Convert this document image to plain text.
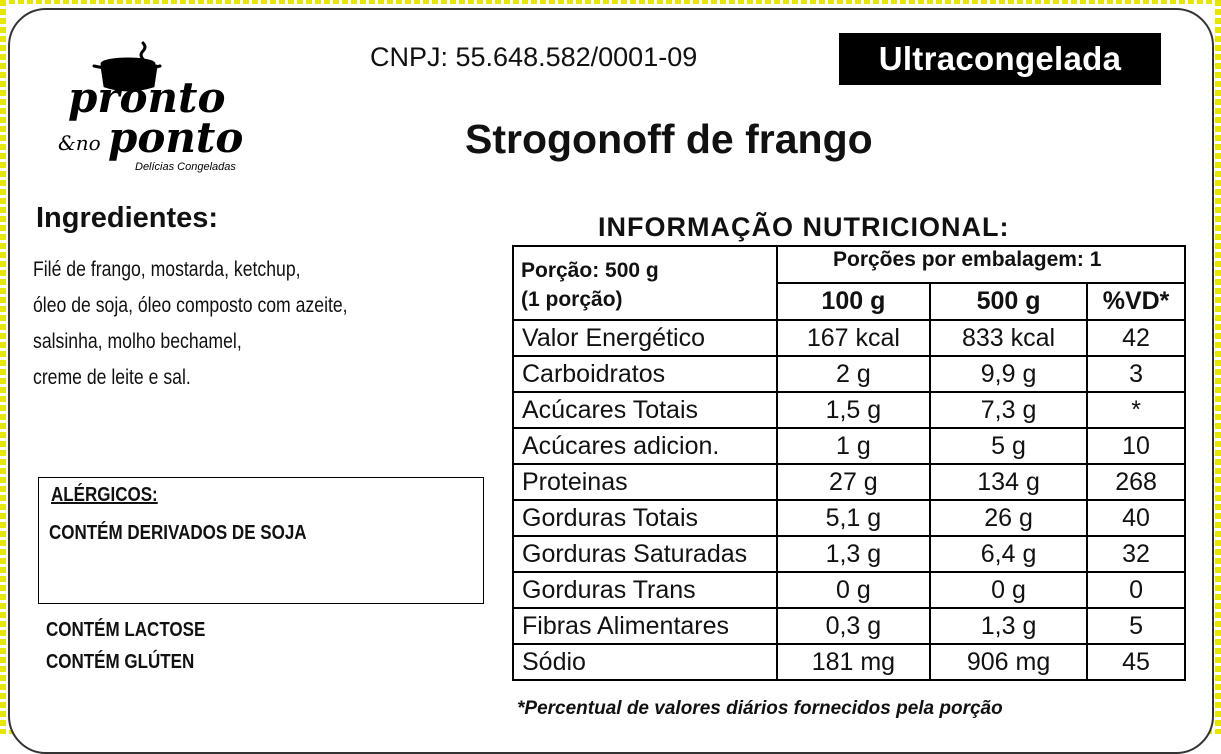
pronto
&no ponto
Delícias Congeladas
CNPJ: 55.648.582/0001-09	Ultracongelada
Strogonoff de frango
Ingredientes:
Filé de frango, mostarda, ketchup,
óleo de soja, óleo composto com azeite,
salsinha, molho bechamel,
creme de leite e sal.
ALÉRGICOS:
CONTÉM DERIVADOS DE SOJA
CONTÉM LACTOSE
CONTÉM GLÚTEN
INFORMAÇÃO NUTRICIONAL:

	100 g	500 g	%VD*
Valor Energético	167 kcal	833 kcal	42
Carboidratos	2 g	9,9 g	3
Acúcares Totais	1,5 g	7,3 g	*
Acúcares adicion.	1 g	5 g	10
Proteinas	27 g	134 g	268
Gorduras Totais	5,1 g	26 g	40
Gorduras Saturadas	1,3 g	6,4 g	32
Gorduras Trans	0 g	0 g	0
Fibras Alimentares	0,3 g	1,3 g	5
Sódio	181 mg	906 mg	45
Porção: 500 g
(1 porção)
Porções por embalagem: 1
*Percentual de valores diários fornecidos pela porção
